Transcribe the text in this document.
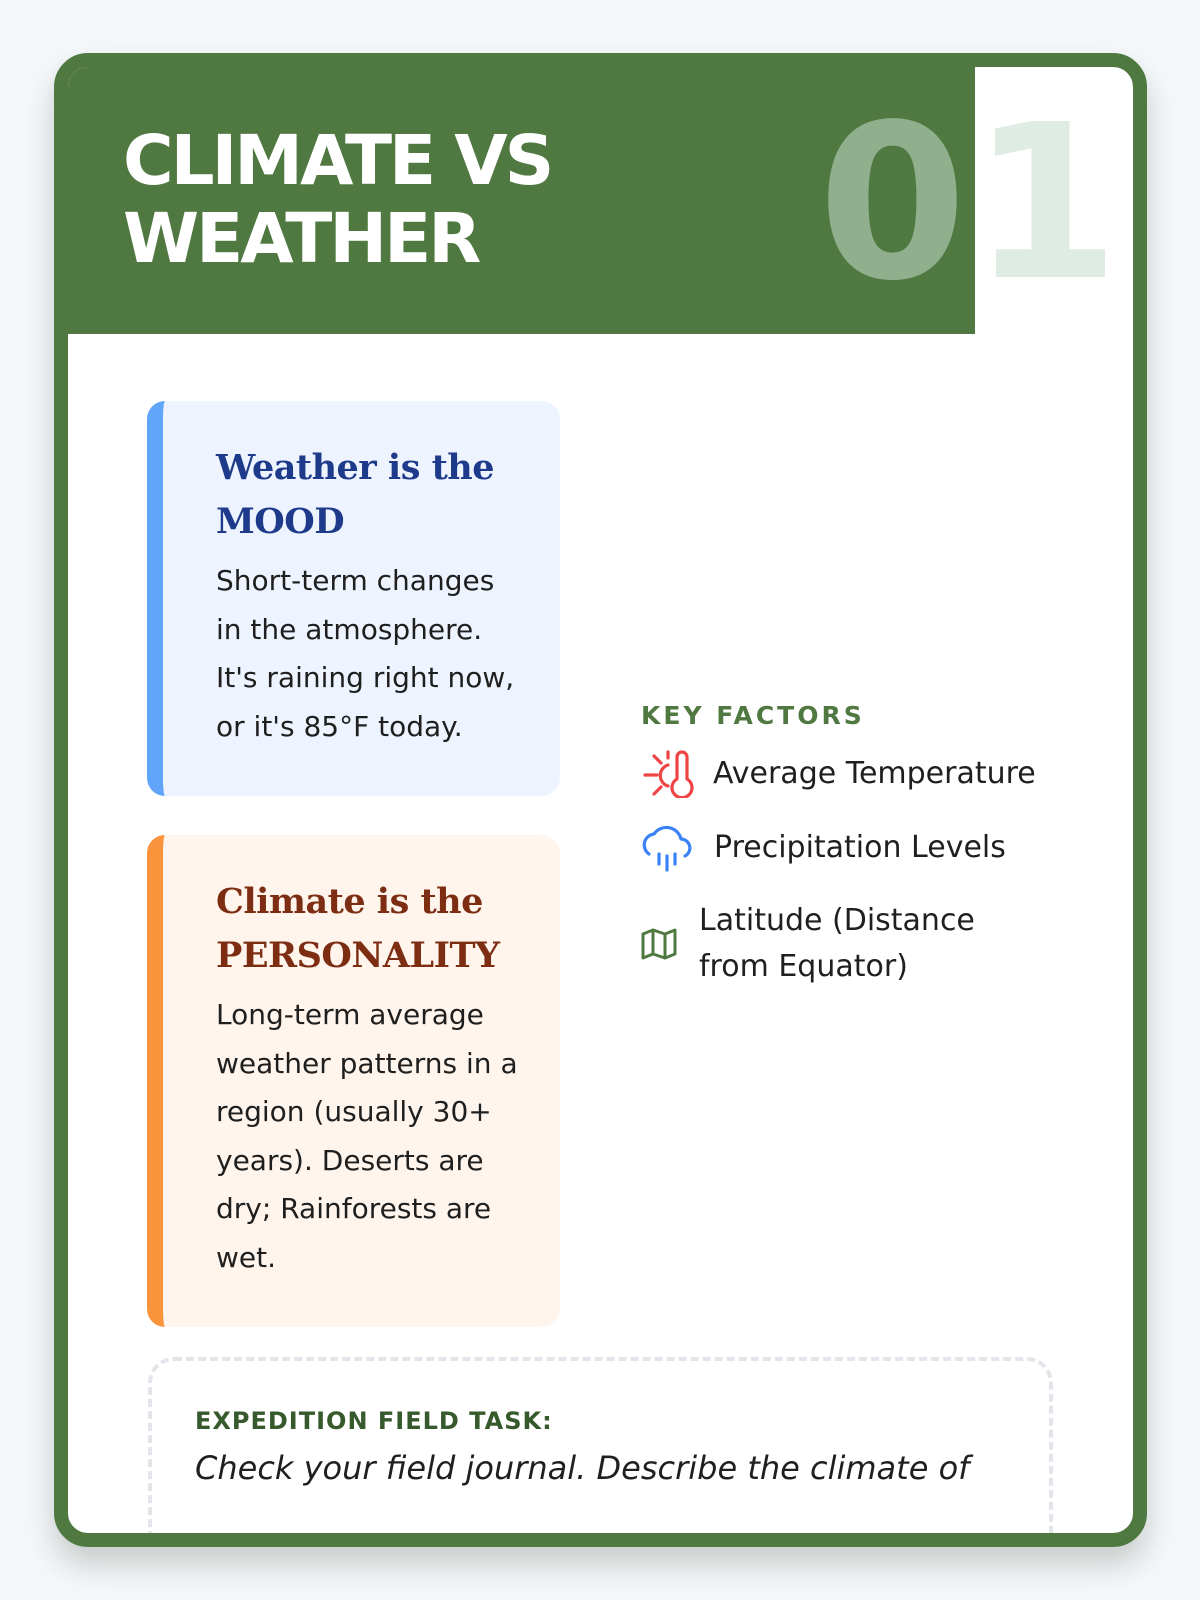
CLIMATE VS
WEATHER	01
Weather is the
MOOD

Short-term changes in the atmosphere. It's raining right now, or it's 85°F today.

Climate is the
PERSONALITY

Long-term average weather patterns in a region (usually 30+ years). Deserts are dry; Rainforests are wet.

KEY FACTORS
Average Temperature
Precipitation Levels
Latitude (Distance from Equator)
EXPEDITION FIELD TASK:
Check your field journal. Describe the climate of
